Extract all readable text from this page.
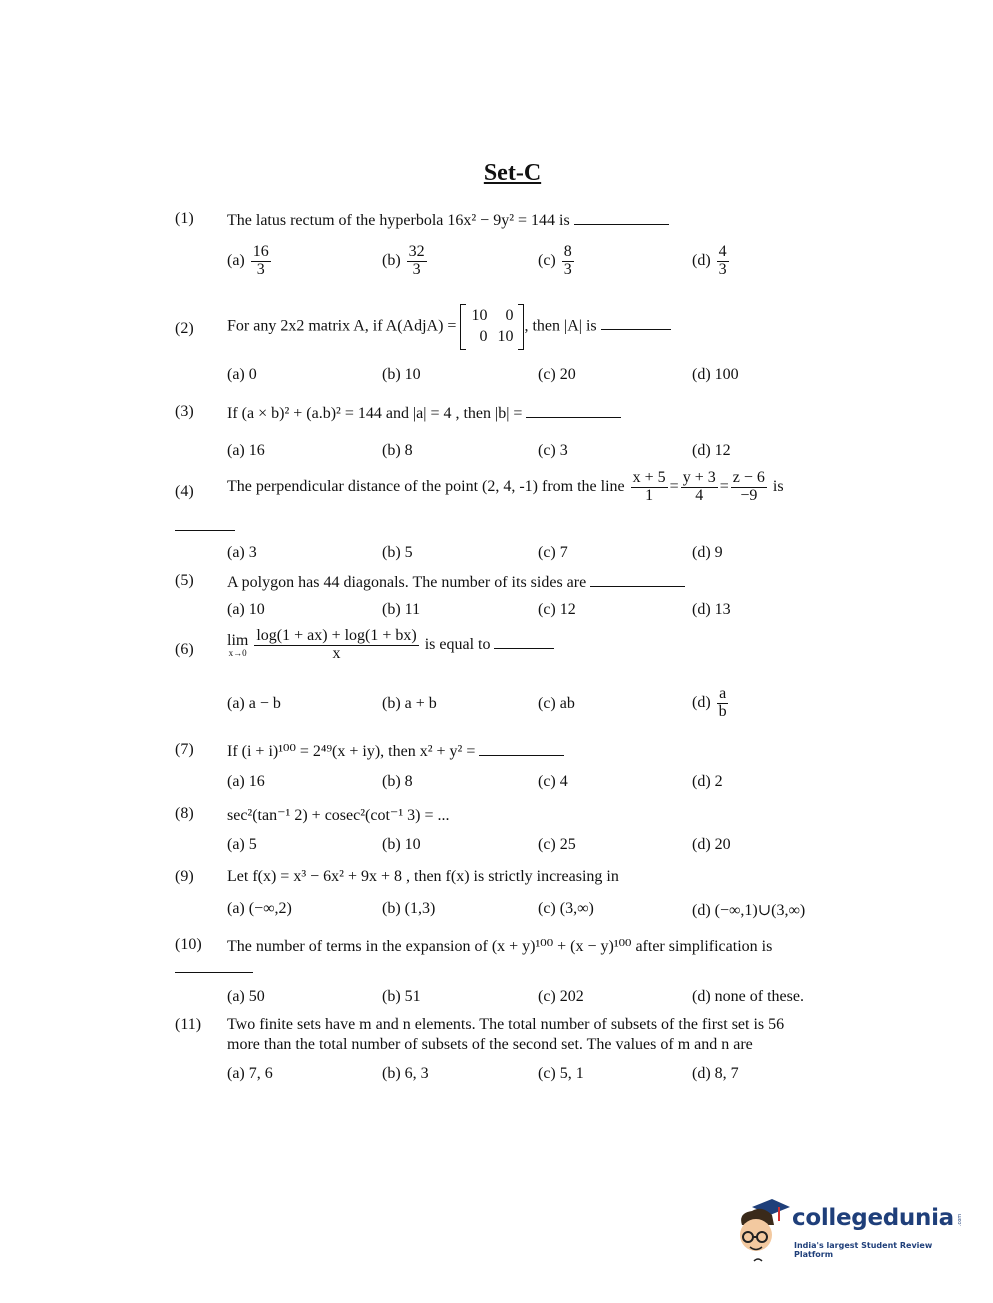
Set-C
(1) The latus rectum of the hyperbola 16x² − 9y² = 144 is
$(a) \frac{16}{3}$	$(b) \frac{32}{3}$	$(c) \frac{8}{3}$	$(d) \frac{4}{3}$
(2) For any 2x2 matrix A, if A(AdjA) =
10	0
0	10
, then |A| is
(a) 0	(b) 10	(c) 20	(d) 100
(3) If (a × b)² + (a.b)² = 144 and |a| = 4 , then |b| =
(a) 16	(b) 8	(c) 3	(d) 12
(4) The perpendicular distance of the point (2, 4, -1) from the line $\frac{x + 5}{1} = \frac{y + 3}{4} = \frac{z - 6}{-9}$ is
(a) 3	(b) 5	(c) 7	(d) 9
(5) A polygon has 44 diagonals. The number of its sides are
(a) 10	(b) 11	(c) 12	(d) 13
(6)
lim
x→0
$\frac{\log(1 + ax) + \log(1 + bx)}{x}$ is equal to
(a) a − b	(b) a + b	(c) ab	$(d) \frac{a}{b}$
(7) If (i + i)¹⁰⁰ = 2⁴⁹(x + iy), then x² + y² =
(a) 16	(b) 8	(c) 4	(d) 2
(8) sec²(tan⁻¹ 2) + cosec²(cot⁻¹ 3) = ...
(a) 5	(b) 10	(c) 25	(d) 20
(9) Let f(x) = x³ − 6x² + 9x + 8 , then f(x) is strictly increasing in
(a) (−∞,2)	(b) (1,3)	(c) (3,∞)	(d) (−∞,1)∪(3,∞)
(10) The number of terms in the expansion of (x + y)¹⁰⁰ + (x − y)¹⁰⁰ after simplification is
(a) 50	(b) 51	(c) 202	(d) none of these.
(11) Two finite sets have m and n elements. The total number of subsets of the first set is 56
more than the total number of subsets of the second set. The values of m and n are
(a) 7, 6	(b) 6, 3	(c) 5, 1	(d) 8, 7
collegedunia .com
India's largest Student Review Platform
